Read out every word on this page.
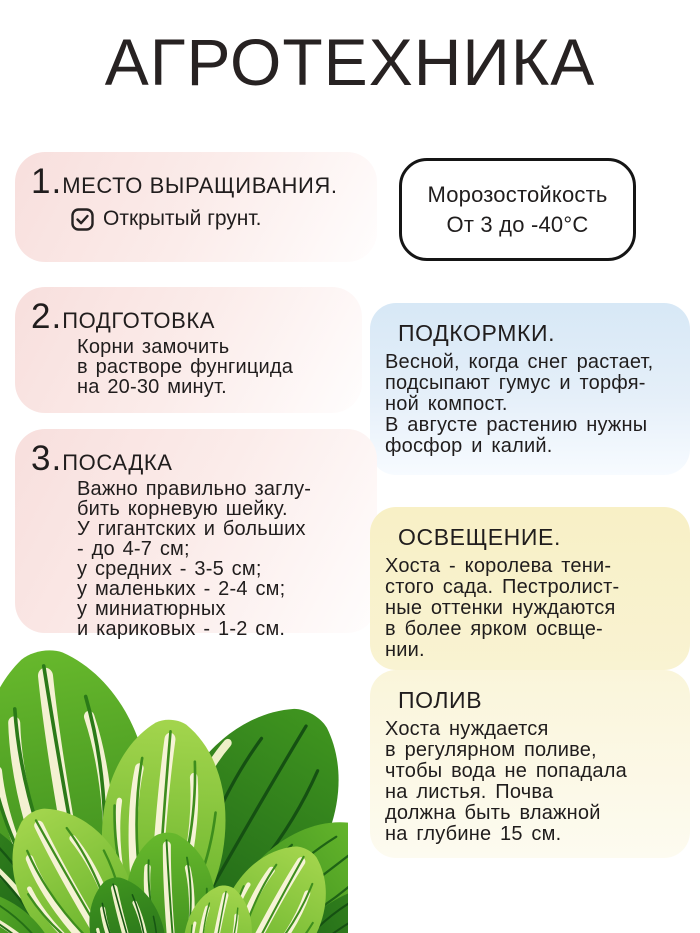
АГРОТЕХНИКА
1. МЕСТО ВЫРАЩИВАНИЯ.
Открытый грунт.
Морозостойкость
От 3 до -40°С
2. ПОДГОТОВКА
Корни замочить
в растворе фунгицида
на 20-30 минут.
ПОДКОРМКИ.
Весной, когда снег растает,
подсыпают гумус и торфя-
ной компост.
В августе растению нужны
фосфор и калий.
3. ПОСАДКА
Важно правильно заглу-
бить корневую шейку.
У гигантских и больших
- до 4-7 см;
у средних - 3-5 см;
у маленьких - 2-4 см;
у миниатюрных
и кариковых - 1-2 см.
ОСВЕЩЕНИЕ.
Хоста - королева тени-
стого сада. Пестролист-
ные оттенки нуждаются
в более ярком освще-
нии.
ПОЛИВ
Хоста нуждается
в регулярном поливе,
чтобы вода не попадала
на листья. Почва
должна быть влажной
на глубине 15 см.
